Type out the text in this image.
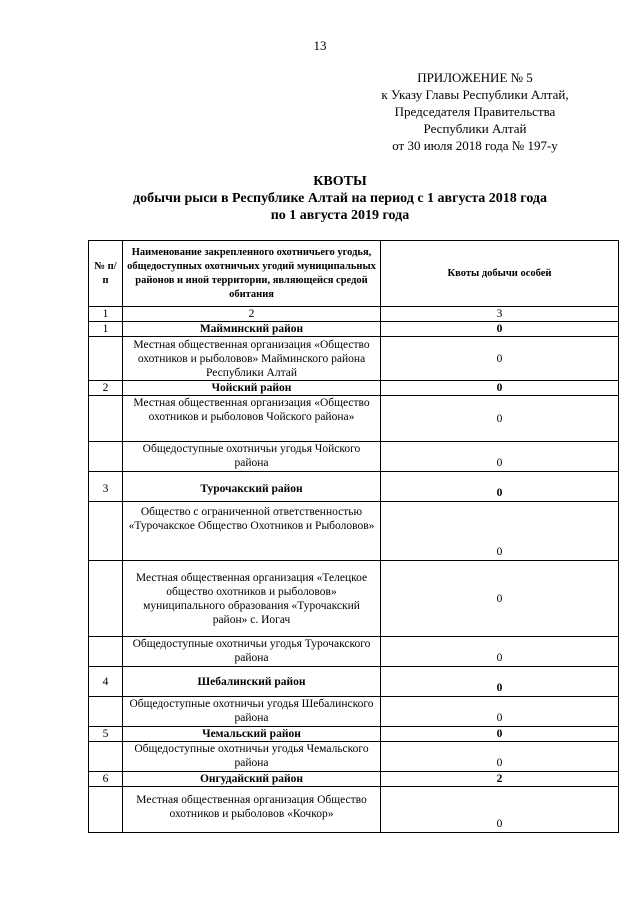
13
ПРИЛОЖЕНИЕ № 5
к Указу Главы Республики Алтай,
Председателя Правительства
Республики Алтай
от 30 июля 2018 года № 197-у
КВОТЫ
добычи рыси в Республике Алтай на период с 1 августа 2018 года
по 1 августа 2019 года
№ п/п	Наименование закрепленного охотничьего угодья, общедоступных охотничьих угодий муниципальных районов и иной территории, являющейся средой обитания	Квоты добычи особей
1	2	3
1	Майминский район	0
	Местная общественная организация «Общество охотников и рыболовов» Майминского района Республики Алтай	0
2	Чойский район	0
	Местная общественная организация «Общество охотников и рыболовов Чойского района»	0
	Общедоступные охотничьи угодья Чойского района	0
3	Турочакский район	0
	Общество с ограниченной ответственностью «Турочакское Общество Охотников и Рыболовов»	0
	Местная общественная организация «Телецкое общество охотников и рыболовов» муниципального образования «Турочакский район» с. Иогач	0
	Общедоступные охотничьи угодья Турочакского района	0
4	Шебалинский район	0
	Общедоступные охотничьи угодья Шебалинского района	0
5	Чемальский район	0
	Общедоступные охотничьи угодья Чемальского района	0
6	Онгудайский район	2
	Местная общественная организация Общество охотников и рыболовов «Кочкор»	0
